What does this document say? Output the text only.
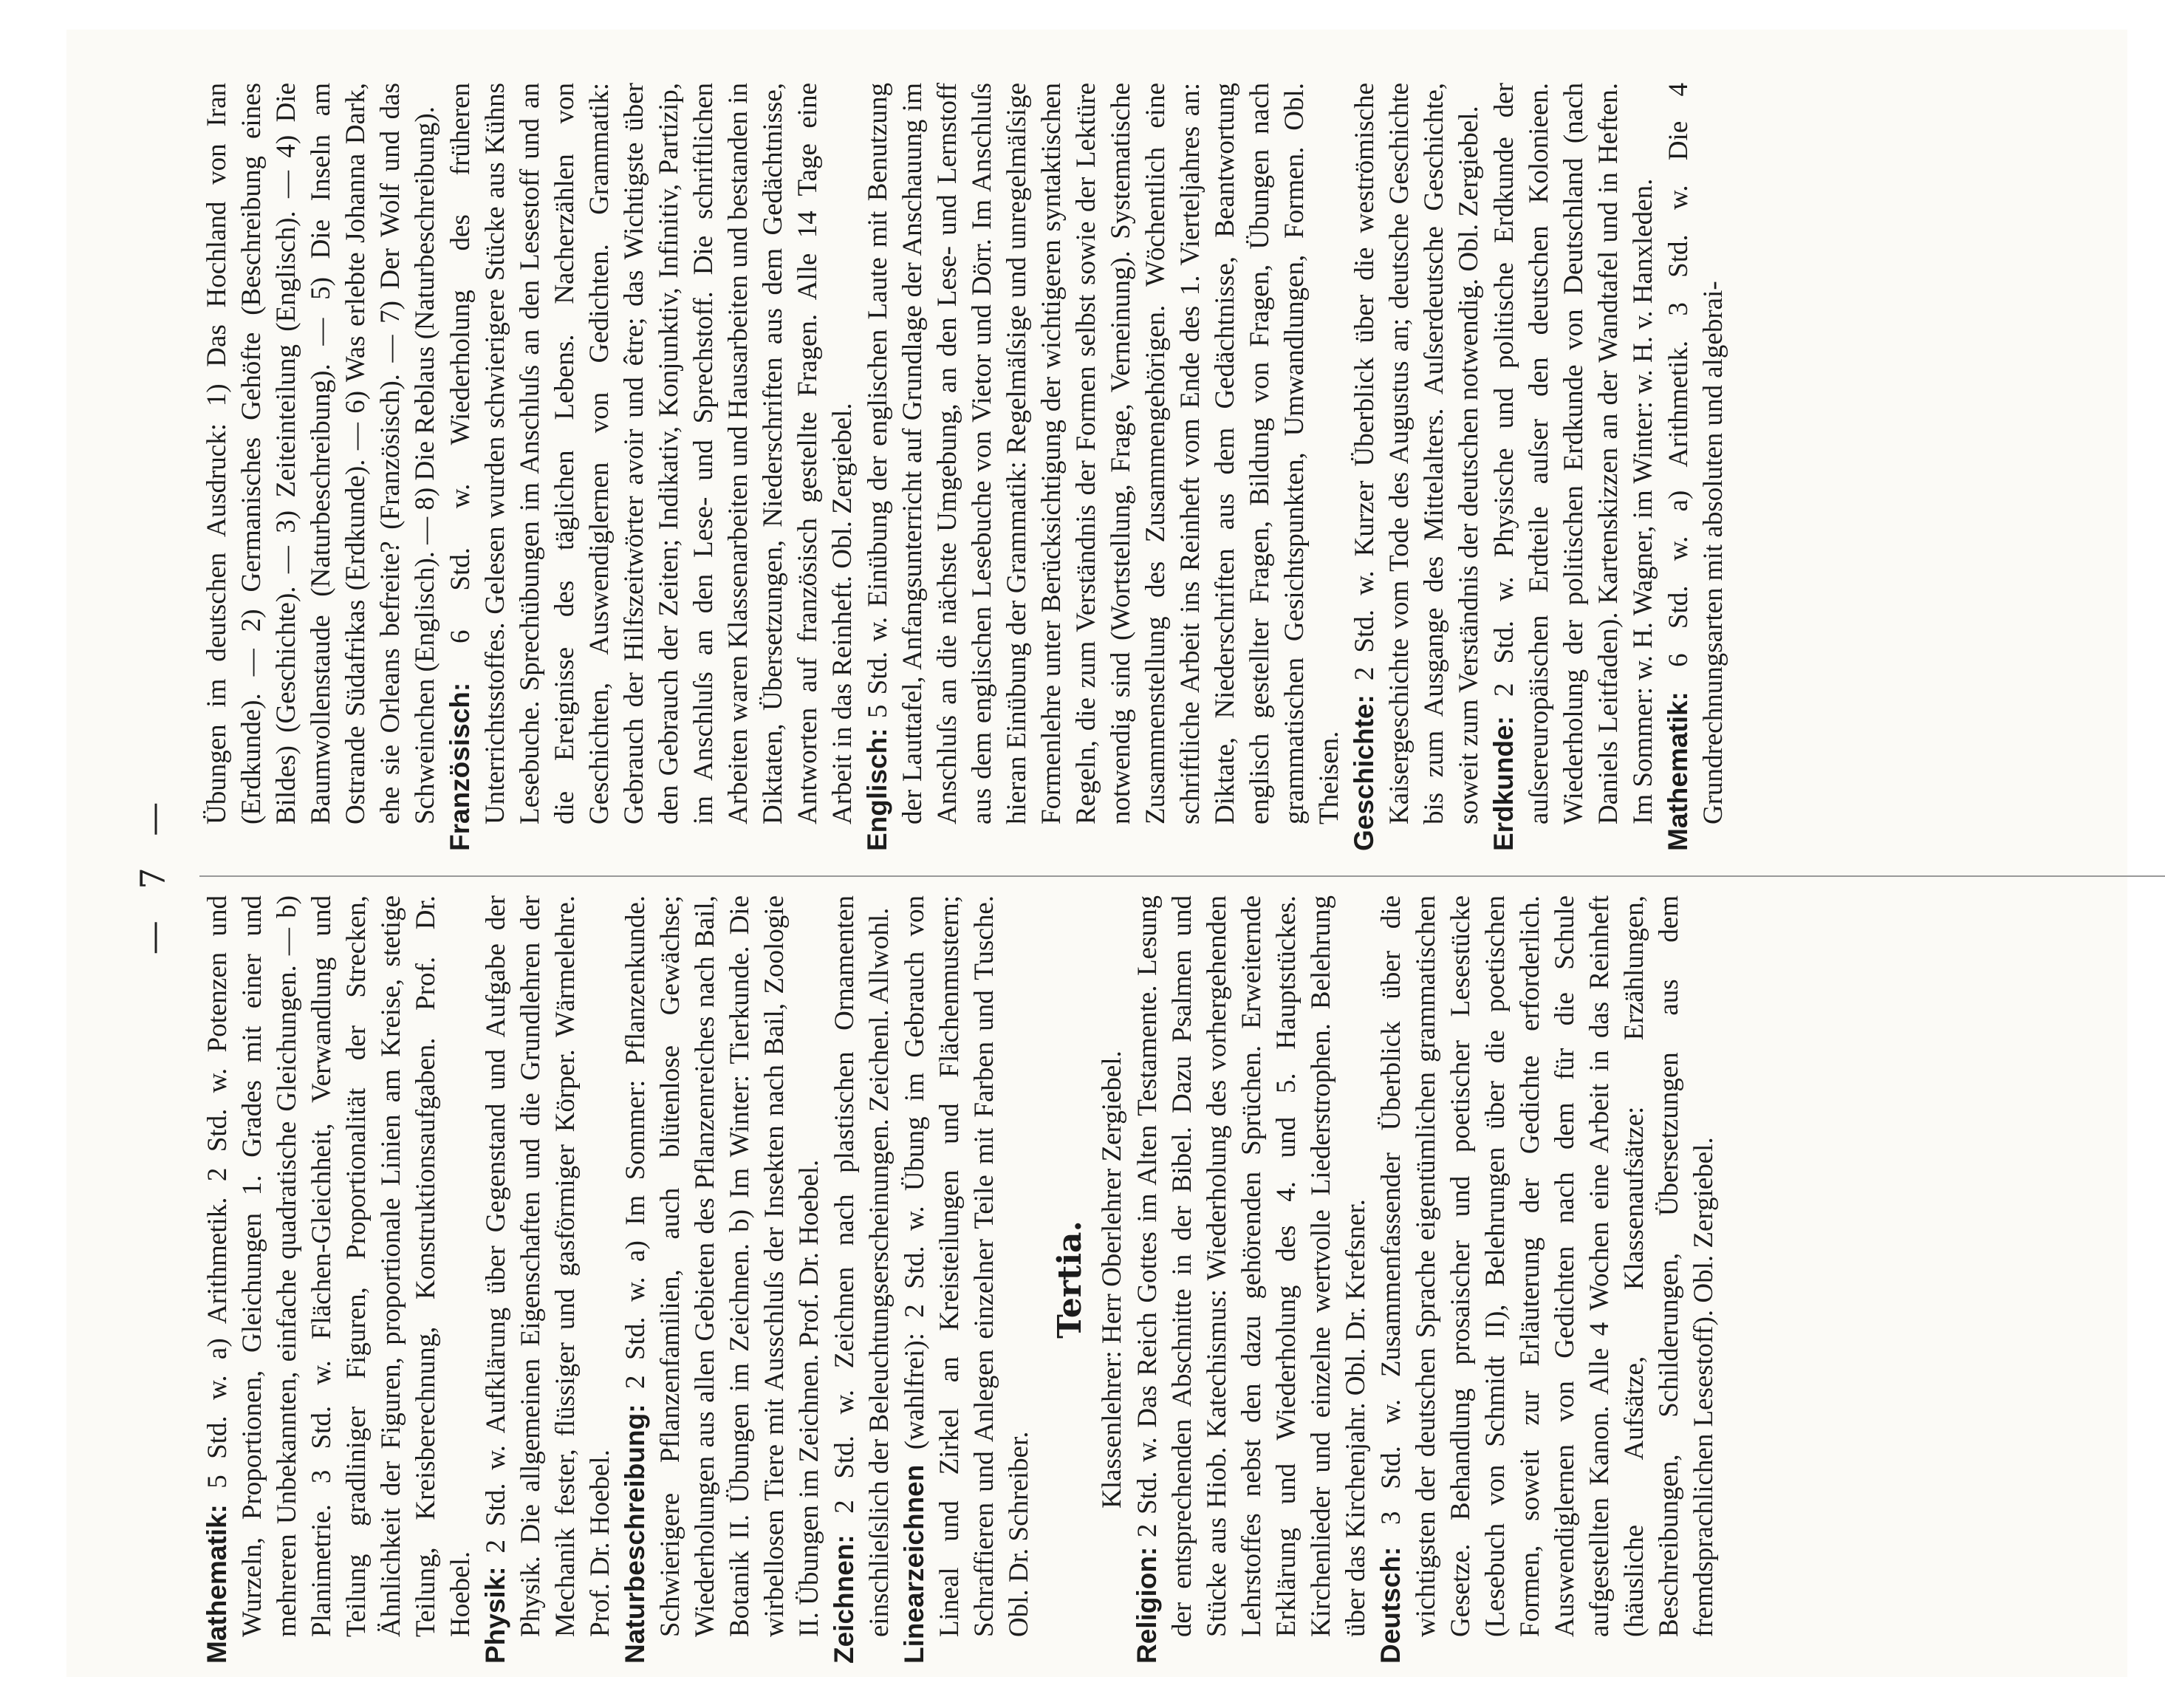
— 7 —

Mathematik: 5 Std. w. a) Arithmetik. 2 Std. w. Potenzen und Wurzeln, Proportionen, Gleichungen 1. Grades mit einer und mehreren Unbekannten, einfache quadratische Gleichungen. — b) Planimetrie. 3 Std. w. Flächen-Gleichheit, Verwandlung und Teilung gradliniger Figuren, Proportionalität der Strecken, Ähnlichkeit der Figuren, proportionale Linien am Kreise, stetige Teilung, Kreisberechnung, Konstruktionsaufgaben. Prof. Dr. Hoebel. Physik: 2 Std. w. Aufklärung über Gegenstand und Aufgabe der Physik. Die allgemeinen Eigenschaften und die Grundlehren der Mechanik fester, flüssiger und gasförmiger Körper. Wärmelehre. Prof. Dr. Hoebel. Naturbeschreibung: 2 Std. w. a) Im Sommer: Pflanzenkunde. Schwierigere Pflanzenfamilien, auch blütenlose Gewächse; Wiederholungen aus allen Gebieten des Pflanzenreiches nach Bail, Botanik II. Übungen im Zeichnen. b) Im Winter: Tierkunde. Die wirbellosen Tiere mit Ausschluſs der Insekten nach Bail, Zoologie II. Übungen im Zeichnen. Prof. Dr. Hoebel. Zeichnen: 2 Std. w. Zeichnen nach plastischen Ornamenten einschlieſslich der Beleuchtungserscheinungen. Zeichenl. Allwohl. Linearzeichnen (wahlfrei): 2 Std. w. Übung im Gebrauch von Lineal und Zirkel an Kreisteilungen und Flächenmustern; Schraffieren und Anlegen einzelner Teile mit Farben und Tusche. Obl. Dr. Schreiber.

Tertia. Klassenlehrer: Herr Oberlehrer Zergiebel.

Religion: 2 Std. w. Das Reich Gottes im Alten Testamente. Lesung der entsprechenden Abschnitte in der Bibel. Dazu Psalmen und Stücke aus Hiob. Katechismus: Wiederholung des vorhergehenden Lehrstoffes nebst den dazu gehörenden Sprüchen. Erweiternde Erklärung und Wiederholung des 4. und 5. Hauptstückes. Kirchenlieder und einzelne wertvolle Liederstrophen. Belehrung über das Kirchenjahr. Obl. Dr. Krefsner. Deutsch: 3 Std. w. Zusammenfassender Überblick über die wichtigsten der deutschen Sprache eigentümlichen grammatischen Gesetze. Behandlung prosaischer und poetischer Lesestücke (Lesebuch von Schmidt II), Belehrungen über die poetischen Formen, soweit zur Erläuterung der Gedichte erforderlich. Auswendiglernen von Gedichten nach dem für die Schule aufgestellten Kanon. Alle 4 Wochen eine Arbeit in das Reinheft (häusliche Aufsätze, Klassenaufsätze: Erzählungen, Beschreibungen, Schilderungen, Übersetzungen aus dem fremdsprachlichen Lesestoff). Obl. Zergiebel.

Übungen im deutschen Ausdruck: 1) Das Hochland von Iran (Erdkunde). — 2) Germanisches Gehöfte (Beschreibung eines Bildes) (Geschichte). — 3) Zeiteinteilung (Englisch). — 4) Die Baumwollenstaude (Naturbeschreibung). — 5) Die Inseln am Ostrande Südafrikas (Erdkunde). — 6) Was erlebte Johanna Dark, ehe sie Orleans befreite? (Französisch). — 7) Der Wolf und das Schweinchen (Englisch). — 8) Die Reblaus (Naturbeschreibung). Französisch: 6 Std. w. Wiederholung des früheren Unterrichtsstoffes. Gelesen wurden schwierigere Stücke aus Kühns Lesebuche. Sprechübungen im Anschluſs an den Lesestoff und an die Ereignisse des täglichen Lebens. Nacherzählen von Geschichten, Auswendiglernen von Gedichten. Grammatik: Gebrauch der Hilfszeitwörter avoir und être; das Wichtigste über den Gebrauch der Zeiten; Indikativ, Konjunktiv, Infinitiv, Partizip, im Anschluſs an den Lese- und Sprechstoff. Die schriftlichen Arbeiten waren Klassenarbeiten und Hausarbeiten und bestanden in Diktaten, Übersetzungen, Niederschriften aus dem Gedächtnisse, Antworten auf französisch gestellte Fragen. Alle 14 Tage eine Arbeit in das Reinheft. Obl. Zergiebel. Englisch: 5 Std. w. Einübung der englischen Laute mit Benutzung der Lauttafel, Anfangsunterricht auf Grundlage der Anschauung im Anschluſs an die nächste Umgebung, an den Lese- und Lernstoff aus dem englischen Lesebuche von Vietor und Dörr. Im Anschluſs hieran Einübung der Grammatik: Regelmäſsige und unregelmäſsige Formenlehre unter Berücksichtigung der wichtigeren syntaktischen Regeln, die zum Verständnis der Formen selbst sowie der Lektüre notwendig sind (Wortstellung, Frage, Verneinung). Systematische Zusammenstellung des Zusammengehörigen. Wöchentlich eine schriftliche Arbeit ins Reinheft vom Ende des 1. Vierteljahres an: Diktate, Niederschriften aus dem Gedächtnisse, Beantwortung englisch gestellter Fragen, Bildung von Fragen, Übungen nach grammatischen Gesichtspunkten, Umwandlungen, Formen. Obl. Theisen. Geschichte: 2 Std. w. Kurzer Überblick über die weströmische Kaisergeschichte vom Tode des Augustus an; deutsche Geschichte bis zum Ausgange des Mittelalters. Auſserdeutsche Geschichte, soweit zum Verständnis der deutschen notwendig. Obl. Zergiebel. Erdkunde: 2 Std. w. Physische und politische Erdkunde der auſsereuropäischen Erdteile auſser den deutschen Kolonieen. Wiederholung der politischen Erdkunde von Deutschland (nach Daniels Leitfaden). Kartenskizzen an der Wandtafel und in Heften. Im Sommer: w. H. Wagner, im Winter: w. H. v. Hanxleden. Mathematik: 6 Std. w. a) Arithmetik. 3 Std. w. Die 4 Grundrechnungsarten mit absoluten und algebrai-
